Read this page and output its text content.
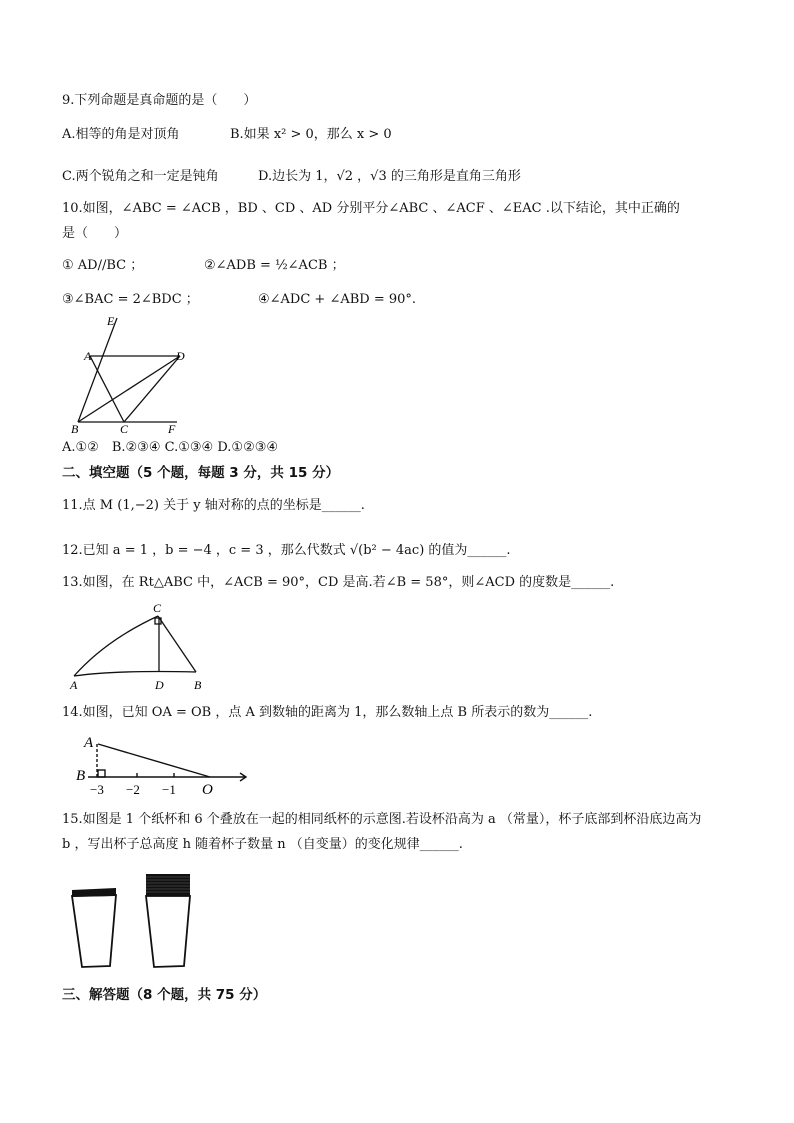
9.下列命题是真命题的是（　　）
A.相等的角是对顶角	B.如果 x² > 0，那么 x > 0
C.两个锐角之和一定是钝角	D.边长为 1，√2 ，√3 的三角形是直角三角形
10.如图，∠ABC = ∠ACB ，BD 、CD 、AD 分别平分∠ABC 、∠ACF 、∠EAC .以下结论，其中正确的
是（　　）
① AD//BC ；	②∠ADB = ½∠ACB ；
③∠BAC = 2∠BDC ；	④∠ADC + ∠ABD = 90°.
E
A	D
B	C	F
A.①②　B.②③④ C.①③④ D.①②③④
二、填空题（5 个题，每题 3 分，共 15 分）
11.点 M (1,−2) 关于 y 轴对称的点的坐标是______.
12.已知 a = 1 ，b = −4 ，c = 3 ，那么代数式 √(b² − 4ac) 的值为______.
13.如图，在 Rt△ABC 中，∠ACB = 90°，CD 是高.若∠B = 58°，则∠ACD 的度数是______.
C
A	D	B
14.如图，已知 OA = OB ，点 A 到数轴的距离为 1，那么数轴上点 B 所表示的数为______.
A
B
−3 −2 −1 O
15.如图是 1 个纸杯和 6 个叠放在一起的相同纸杯的示意图.若设杯沿高为 a （常量），杯子底部到杯沿底边高为
b ，写出杯子总高度 h 随着杯子数量 n （自变量）的变化规律______.
三、解答题（8 个题，共 75 分）
